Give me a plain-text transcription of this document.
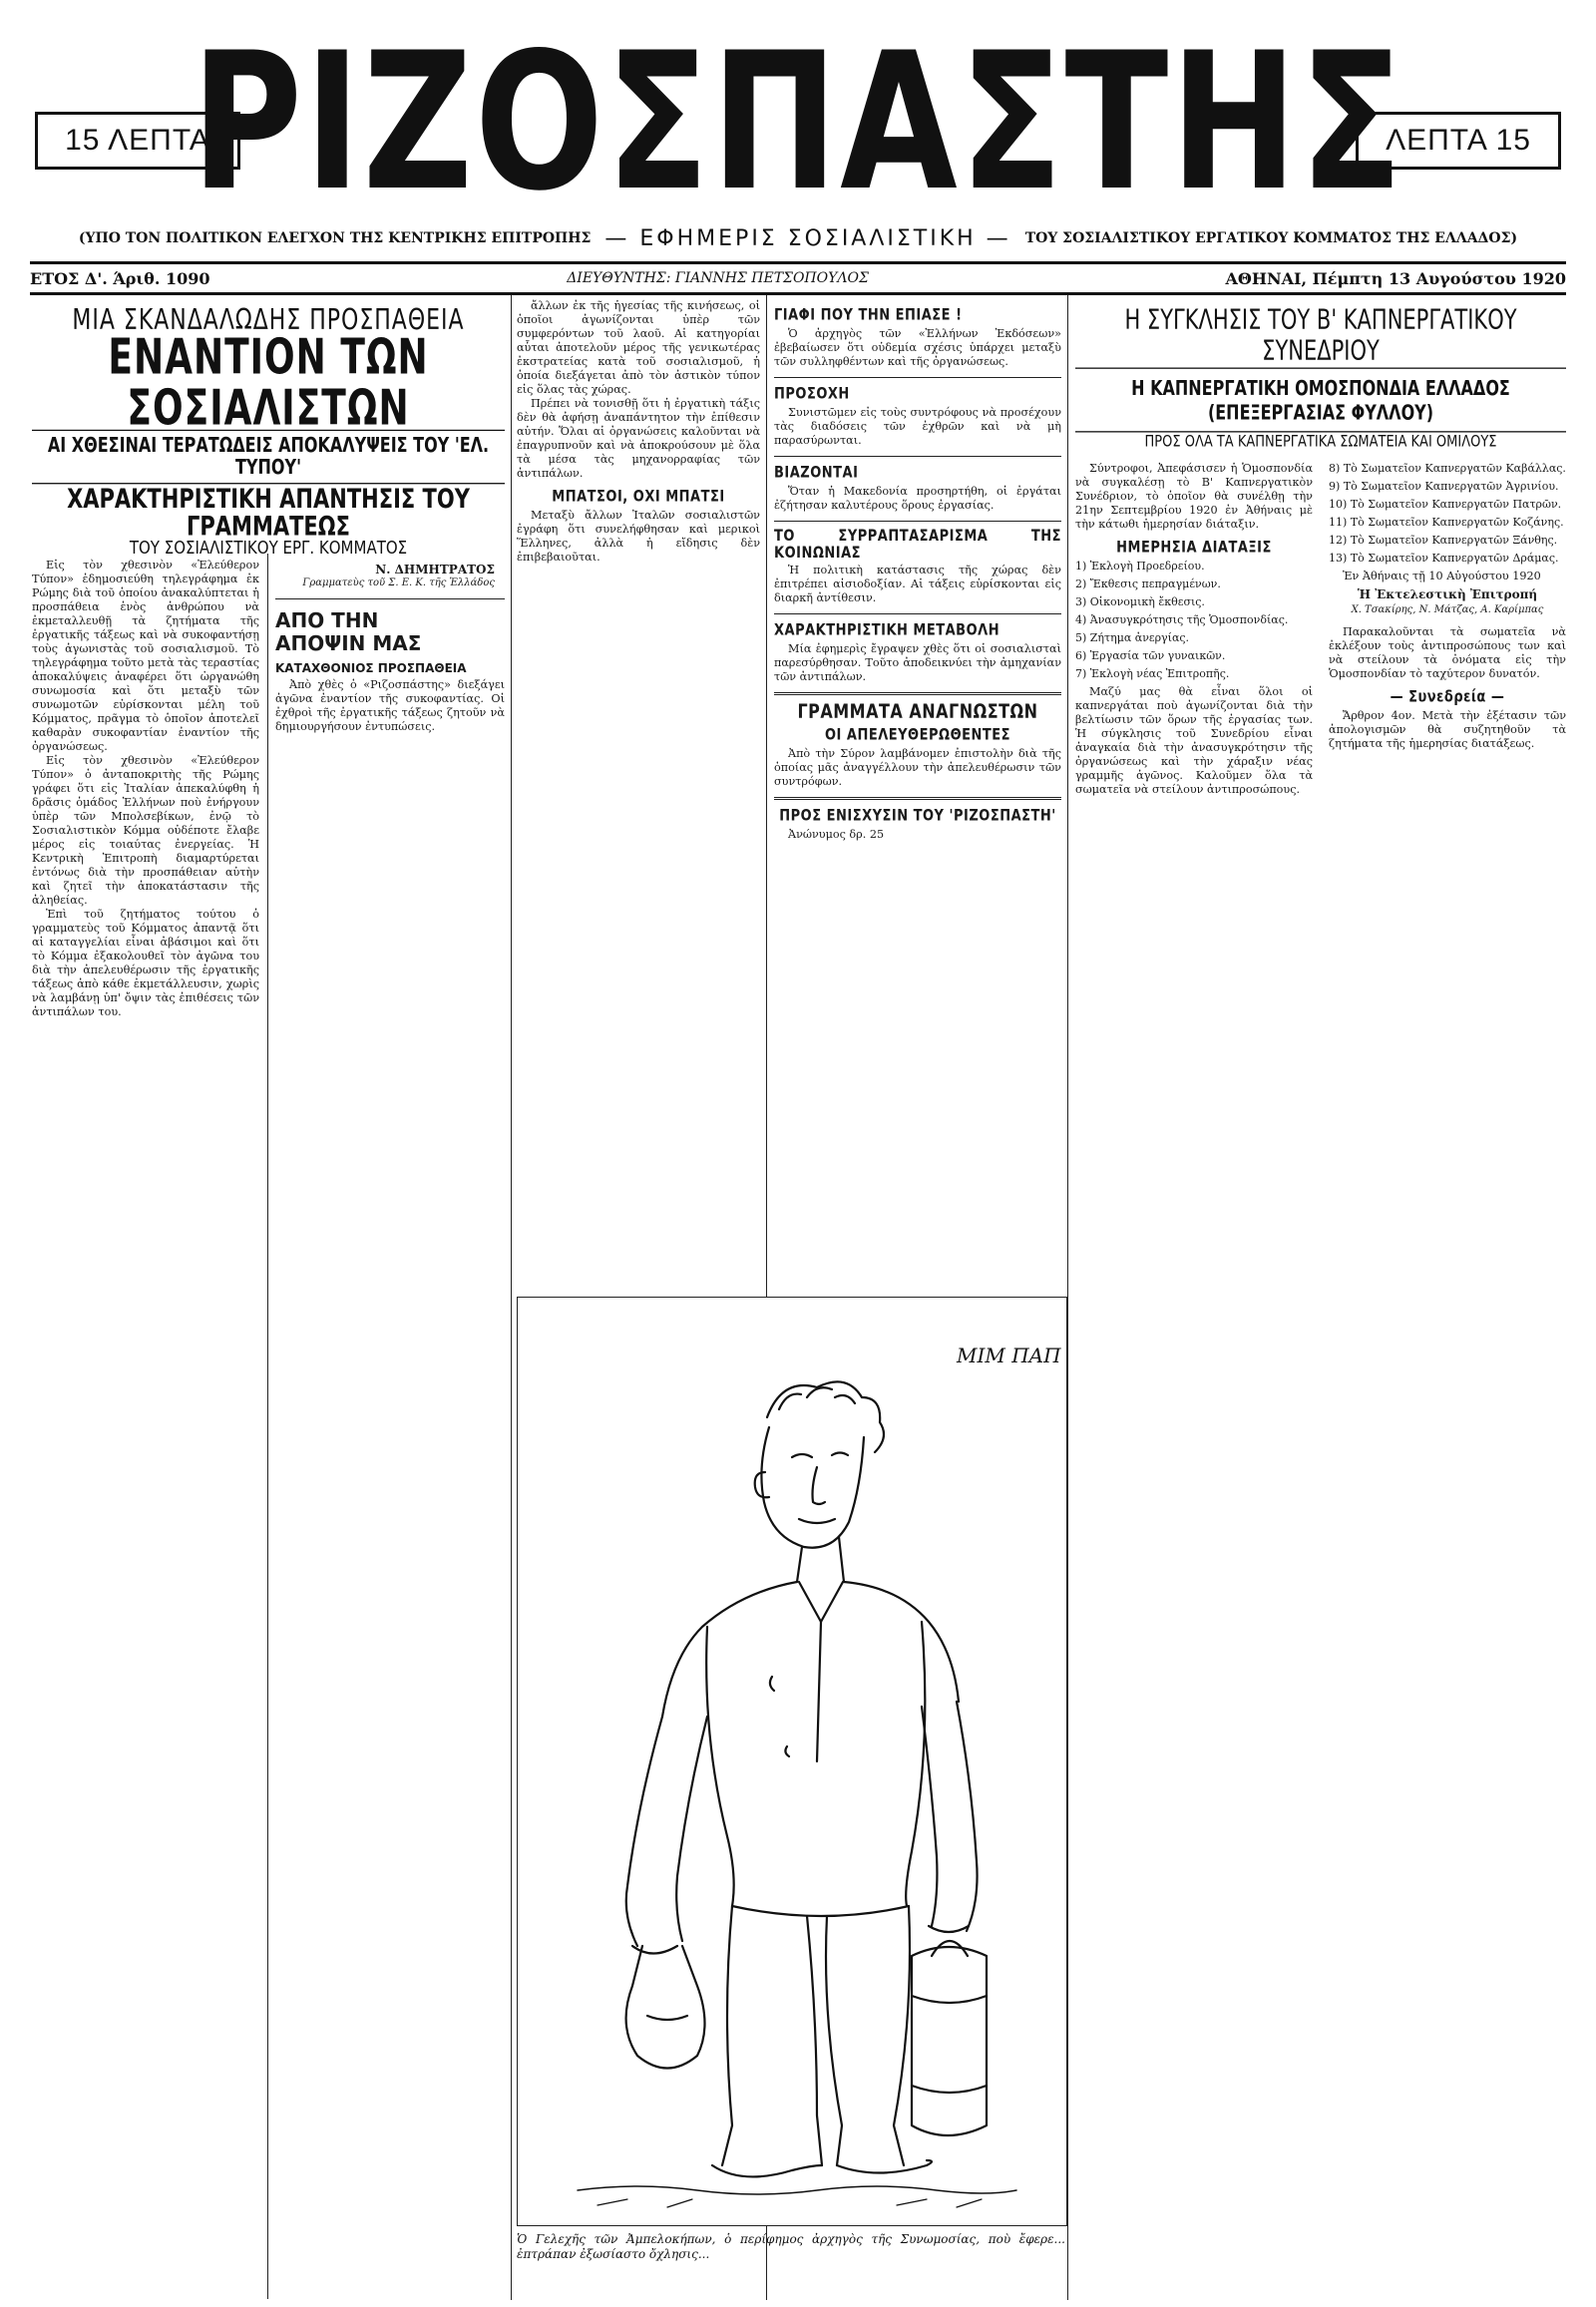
15 ΛΕΠΤΑ
ΡΙΖΟΣΠΑΣΤΗΣ
ΛΕΠΤΑ 15
(ΥΠΟ ΤΟΝ ΠΟΛΙΤΙΚΟΝ ΕΛΕΓΧΟΝ ΤΗΣ ΚΕΝΤΡΙΚΗΣ ΕΠΙΤΡΟΠΗΣ — ΕΦΗΜΕΡΙΣ ΣΟΣΙΑΛΙΣΤΙΚΗ — ΤΟΥ ΣΟΣΙΑΛΙΣΤΙΚΟΥ ΕΡΓΑΤΙΚΟΥ ΚΟΜΜΑΤΟΣ ΤΗΣ ΕΛΛΑΔΟΣ)
ΕΤΟΣ Δ'. Άριθ. 1090	ΔΙΕΥΘΥΝΤΗΣ: ΓΙΑΝΝΗΣ ΠΕΤΣΟΠΟΥΛΟΣ	ΑΘΗΝΑΙ, Πέμπτη 13 Αυγούστου 1920
ΜΙΑ ΣΚΑΝΔΑΛΩΔΗΣ ΠΡΟΣΠΑΘΕΙΑ
ΕΝΑΝΤΙΟΝ ΤΩΝ ΣΟΣΙΑΛΙΣΤΩΝ
ΑΙ ΧΘΕΣΙΝΑΙ ΤΕΡΑΤΩΔΕΙΣ ΑΠΟΚΑΛΥΨΕΙΣ ΤΟΥ 'ΕΛ. ΤΥΠΟΥ'
ΧΑΡΑΚΤΗΡΙΣΤΙΚΗ ΑΠΑΝΤΗΣΙΣ ΤΟΥ ΓΡΑΜΜΑΤΕΩΣ
ΤΟΥ ΣΟΣΙΑΛΙΣΤΙΚΟΥ ΕΡΓ. ΚΟΜΜΑΤΟΣ

Εἰς τὸν χθεσινὸν «Ἐλεύθερον Τύπον» ἐδημοσιεύθη τηλεγράφημα ἐκ Ρώμης διὰ τοῦ ὁποίου ἀνακαλύπτεται ἡ προσπάθεια ἑνὸς ἀνθρώπου νὰ ἐκμεταλλευθῇ τὰ ζητήματα τῆς ἐργατικῆς τάξεως καὶ νὰ συκοφαντήσῃ τοὺς ἀγωνιστὰς τοῦ σοσιαλισμοῦ. Τὸ τηλεγράφημα τοῦτο μετὰ τὰς τεραστίας ἀποκαλύψεις ἀναφέρει ὅτι ὡργανώθη συνωμοσία καὶ ὅτι μεταξὺ τῶν συνωμοτῶν εὑρίσκονται μέλη τοῦ Κόμματος, πρᾶγμα τὸ ὁποῖον ἀποτελεῖ καθαρὰν συκοφαντίαν ἐναντίον τῆς ὀργανώσεως.

Εἰς τὸν χθεσινὸν «Ἐλεύθερον Τύπον» ὁ ἀνταποκριτὴς τῆς Ρώμης γράφει ὅτι εἰς Ἰταλίαν ἀπεκαλύφθη ἡ δρᾶσις ὁμάδος Ἑλλήνων ποὺ ἐνήργουν ὑπὲρ τῶν Μπολσεβίκων, ἐνῷ τὸ Σοσιαλιστικὸν Κόμμα οὐδέποτε ἔλαβε μέρος εἰς τοιαύτας ἐνεργείας. Ἡ Κεντρικὴ Ἐπιτροπὴ διαμαρτύρεται ἐντόνως διὰ τὴν προσπάθειαν αὐτὴν καὶ ζητεῖ τὴν ἀποκατάστασιν τῆς ἀληθείας.

Ἐπὶ τοῦ ζητήματος τούτου ὁ γραμματεὺς τοῦ Κόμματος ἀπαντᾷ ὅτι αἱ καταγγελίαι εἶναι ἀβάσιμοι καὶ ὅτι τὸ Κόμμα ἐξακολουθεῖ τὸν ἀγῶνα του διὰ τὴν ἀπελευθέρωσιν τῆς ἐργατικῆς τάξεως ἀπὸ κάθε ἐκμετάλλευσιν, χωρὶς νὰ λαμβάνῃ ὑπ' ὄψιν τὰς ἐπιθέσεις τῶν ἀντιπάλων του.

Ν. ΔΗΜΗΤΡΑΤΟΣ
Γραμματεὺς τοῦ Σ. Ε. Κ. τῆς Ἑλλάδος
ΑΠΟ ΤΗΝ
ΑΠΟΨΙΝ ΜΑΣ
ΚΑΤΑΧΘΟΝΙΟΣ ΠΡΟΣΠΑΘΕΙΑ

Ἀπὸ χθὲς ὁ «Ριζοσπάστης» διεξάγει ἀγῶνα ἐναντίον τῆς συκοφαντίας. Οἱ ἐχθροὶ τῆς ἐργατικῆς τάξεως ζητοῦν νὰ δημιουργήσουν ἐντυπώσεις.

ἄλλων ἐκ τῆς ἡγεσίας τῆς κινήσεως, οἱ ὁποῖοι ἀγωνίζονται ὑπὲρ τῶν συμφερόντων τοῦ λαοῦ. Αἱ κατηγορίαι αὗται ἀποτελοῦν μέρος τῆς γενικωτέρας ἐκστρατείας κατὰ τοῦ σοσιαλισμοῦ, ἡ ὁποία διεξάγεται ἀπὸ τὸν ἀστικὸν τύπον εἰς ὅλας τὰς χώρας.

Πρέπει νὰ τονισθῇ ὅτι ἡ ἐργατικὴ τάξις δὲν θὰ ἀφήσῃ ἀναπάντητον τὴν ἐπίθεσιν αὐτήν. Ὅλαι αἱ ὀργανώσεις καλοῦνται νὰ ἐπαγρυπνοῦν καὶ νὰ ἀποκρούσουν μὲ ὅλα τὰ μέσα τὰς μηχανορραφίας τῶν ἀντιπάλων.

ΜΠΑΤΣΟΙ, ΟΧΙ ΜΠΑΤΣΙ

Μεταξὺ ἄλλων Ἰταλῶν σοσιαλιστῶν ἐγράφη ὅτι συνελήφθησαν καὶ μερικοὶ Ἕλληνες, ἀλλὰ ἡ εἴδησις δὲν ἐπιβεβαιοῦται.

ΓΙΑΦΙ ΠΟΥ ΤΗΝ ΕΠΙΑΣΕ !

Ὁ ἀρχηγὸς τῶν «Ἑλλήνων Ἐκδόσεων» ἐβεβαίωσεν ὅτι οὐδεμία σχέσις ὑπάρχει μεταξὺ τῶν συλληφθέντων καὶ τῆς ὀργανώσεως.

ΠΡΟΣΟΧΗ

Συνιστῶμεν εἰς τοὺς συντρόφους νὰ προσέχουν τὰς διαδόσεις τῶν ἐχθρῶν καὶ νὰ μὴ παρασύρωνται.

ΒΙΑΖΟΝΤΑΙ

Ὅταν ἡ Μακεδονία προσηρτήθη, οἱ ἐργάται ἐζήτησαν καλυτέρους ὅρους ἐργασίας.

ΤΟ ΣΥΡΡΑΠΤΑΣΑΡΙΣΜΑ ΤΗΣ ΚΟΙΝΩΝΙΑΣ

Ἡ πολιτικὴ κατάστασις τῆς χώρας δὲν ἐπιτρέπει αἰσιοδοξίαν. Αἱ τάξεις εὑρίσκονται εἰς διαρκῆ ἀντίθεσιν.

ΧΑΡΑΚΤΗΡΙΣΤΙΚΗ ΜΕΤΑΒΟΛΗ

Μία ἐφημερὶς ἔγραψεν χθὲς ὅτι οἱ σοσιαλισταὶ παρεσύρθησαν. Τοῦτο ἀποδεικνύει τὴν ἀμηχανίαν τῶν ἀντιπάλων.

ΓΡΑΜΜΑΤΑ ΑΝΑΓΝΩΣΤΩΝ
ΟΙ ΑΠΕΛΕΥΘΕΡΩΘΕΝΤΕΣ

Ἀπὸ τὴν Σύρον λαμβάνομεν ἐπιστολὴν διὰ τῆς ὁποίας μᾶς ἀναγγέλλουν τὴν ἀπελευθέρωσιν τῶν συντρόφων.

ΠΡΟΣ ΕΝΙΣΧΥΣΙΝ ΤΟΥ 'ΡΙΖΟΣΠΑΣΤΗ'

Ἀνώνυμος δρ. 25

ΜΙΜ ΠΑΠ
Ὁ Γελεχῆς τῶν Ἀμπελοκήπων, ὁ περίφημος ἀρχηγὸς τῆς Συνωμοσίας, ποὺ ἔφερε... ἐπτράπαν ἐξωσίαστο ὄχλησις...
Η ΣΥΓΚΛΗΣΙΣ ΤΟΥ Β' ΚΑΠΝΕΡΓΑΤΙΚΟΥ ΣΥΝΕΔΡΙΟΥ
Η ΚΑΠΝΕΡΓΑΤΙΚΗ ΟΜΟΣΠΟΝΔΙΑ ΕΛΛΑΔΟΣ (ΕΠΕΞΕΡΓΑΣΙΑΣ ΦΥΛΛΟΥ)
ΠΡΟΣ ΟΛΑ ΤΑ ΚΑΠΝΕΡΓΑΤΙΚΑ ΣΩΜΑΤΕΙΑ ΚΑΙ ΟΜΙΛΟΥΣ

Σύντροφοι, Ἀπεφάσισεν ἡ Ὁμοσπονδία νὰ συγκαλέσῃ τὸ Β' Καπνεργατικὸν Συνέδριον, τὸ ὁποῖον θὰ συνέλθῃ τὴν 21ην Σεπτεμβρίου 1920 ἐν Ἀθήναις μὲ τὴν κάτωθι ἡμερησίαν διάταξιν.

ΗΜΕΡΗΣΙΑ ΔΙΑΤΑΞΙΣ
1) Ἐκλογὴ Προεδρείου.
2) Ἔκθεσις πεπραγμένων.
3) Οἰκονομικὴ ἔκθεσις.
4) Ἀνασυγκρότησις τῆς Ὁμοσπονδίας.
5) Ζήτημα ἀνεργίας.
6) Ἐργασία τῶν γυναικῶν.
7) Ἐκλογὴ νέας Ἐπιτροπῆς.

Μαζύ μας θὰ εἶναι ὅλοι οἱ καπνεργάται ποὺ ἀγωνίζονται διὰ τὴν βελτίωσιν τῶν ὅρων τῆς ἐργασίας των. Ἡ σύγκλησις τοῦ Συνεδρίου εἶναι ἀναγκαία διὰ τὴν ἀνασυγκρότησιν τῆς ὀργανώσεως καὶ τὴν χάραξιν νέας γραμμῆς ἀγῶνος. Καλοῦμεν ὅλα τὰ σωματεῖα νὰ στείλουν ἀντιπροσώπους.

8) Τὸ Σωματεῖον Καπνεργατῶν Καβάλλας.
9) Τὸ Σωματεῖον Καπνεργατῶν Ἀγρινίου.
10) Τὸ Σωματεῖον Καπνεργατῶν Πατρῶν.
11) Τὸ Σωματεῖον Καπνεργατῶν Κοζάνης.
12) Τὸ Σωματεῖον Καπνεργατῶν Ξάνθης.
13) Τὸ Σωματεῖον Καπνεργατῶν Δράμας.

Ἐν Ἀθήναις τῇ 10 Αὐγούστου 1920

Ἡ Ἐκτελεστικὴ Ἐπιτροπή
Χ. Τσακίρης, Ν. Μάτζας, Α. Καρίμπας

Παρακαλοῦνται τὰ σωματεῖα νὰ ἐκλέξουν τοὺς ἀντιπροσώπους των καὶ νὰ στείλουν τὰ ὀνόματα εἰς τὴν Ὁμοσπονδίαν τὸ ταχύτερον δυνατόν.

— Συνεδρεία —

Ἄρθρον 4ον. Μετὰ τὴν ἐξέτασιν τῶν ἀπολογισμῶν θὰ συζητηθοῦν τὰ ζητήματα τῆς ἡμερησίας διατάξεως.
